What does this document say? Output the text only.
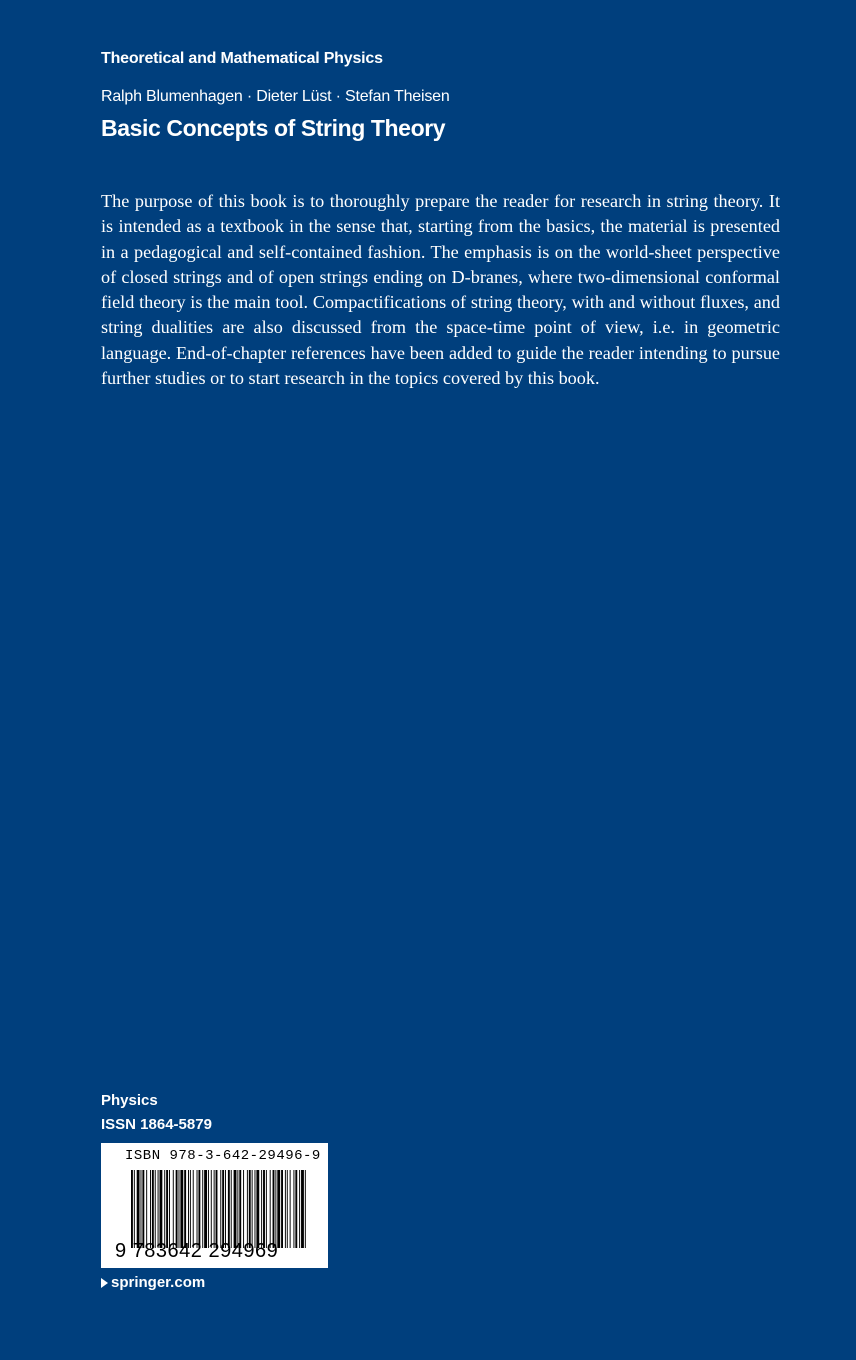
Theoretical and Mathematical Physics
Ralph Blumenhagen · Dieter Lüst · Stefan Theisen
Basic Concepts of String Theory

The purpose of this book is to thoroughly prepare the reader for research in string theory. It is intended as a textbook in the sense that, starting from the basics, the material is presented in a pedagogical and self-contained fashion. The emphasis is on the world-sheet perspective of closed strings and of open strings ending on D-branes, where two-dimensional conformal field theory is the main tool. Compactifications of string theory, with and without fluxes, and string dualities are also discussed from the space-time point of view, i.e. in geometric language. End-of-chapter references have been added to guide the reader intending to pursue further studies or to start research in the topics covered by this book.

Physics
ISSN 1864-5879
ISBN 978-3-642-29496-9
9 783642 294969
springer.com
